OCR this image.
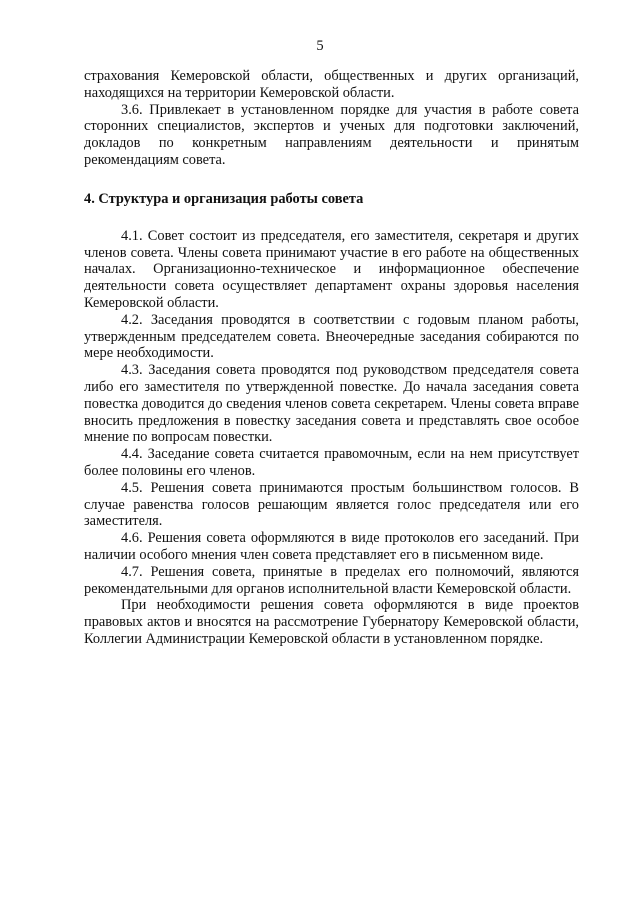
5

страхования Кемеровской области, общественных и других организаций, находящихся на территории Кемеровской области.

3.6. Привлекает в установленном порядке для участия в работе совета сторонних специалистов, экспертов и ученых для подготовки заключений, докладов по конкретным направлениям деятельности и принятым рекомендациям совета.

4. Структура и организация работы совета

4.1. Совет состоит из председателя, его заместителя, секретаря и других членов совета. Члены совета принимают участие в его работе на общественных началах. Организационно-техническое и информационное обеспечение деятельности совета осуществляет департамент охраны здоровья населения Кемеровской области.

4.2. Заседания проводятся в соответствии с годовым планом работы, утвержденным председателем совета. Внеочередные заседания собираются по мере необходимости.

4.3. Заседания совета проводятся под руководством председателя совета либо его заместителя по утвержденной повестке. До начала заседания совета повестка доводится до сведения членов совета секретарем. Члены совета вправе вносить предложения в повестку заседания совета и представлять свое особое мнение по вопросам повестки.

4.4. Заседание совета считается правомочным, если на нем присутствует более половины его членов.

4.5. Решения совета принимаются простым большинством голосов. В случае равенства голосов решающим является голос председателя или его заместителя.

4.6. Решения совета оформляются в виде протоколов его заседаний. При наличии особого мнения член совета представляет его в письменном виде.

4.7. Решения совета, принятые в пределах его полномочий, являются рекомендательными для органов исполнительной власти Кемеровской области.

При необходимости решения совета оформляются в виде проектов правовых актов и вносятся на рассмотрение Губернатору Кемеровской области, Коллегии Администрации Кемеровской области в установленном порядке.
